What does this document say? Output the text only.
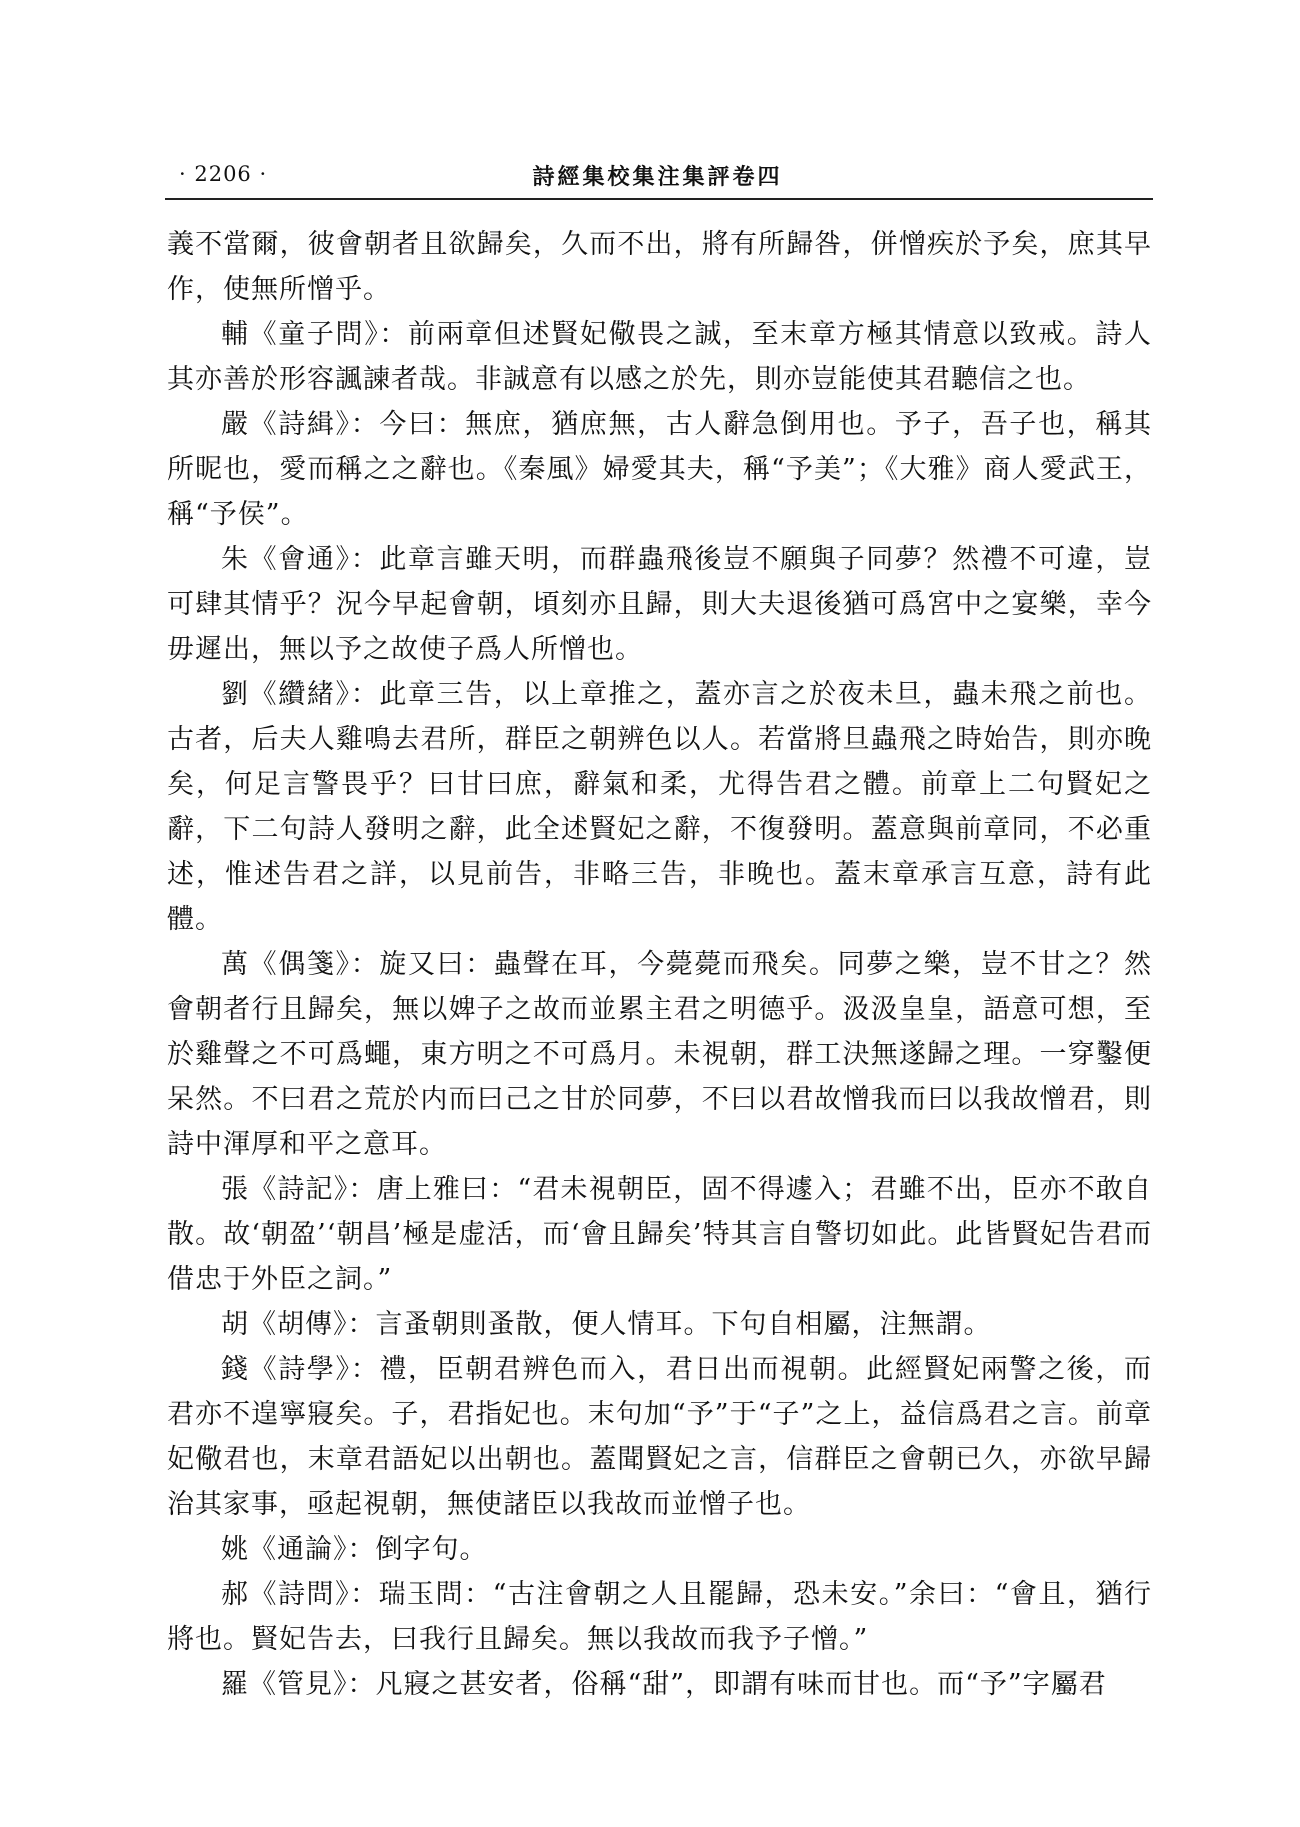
· 2206 ·	詩經集校集注集評卷四

義不當爾，彼會朝者且欲歸矣，久而不出，將有所歸咎，併憎疾於予矣，庶其早作，使無所憎乎。

輔《童子問》：前兩章但述賢妃儆畏之誠，至末章方極其情意以致戒。詩人其亦善於形容諷諫者哉。非誠意有以感之於先，則亦豈能使其君聽信之也。

嚴《詩緝》：今曰：無庶，猶庶無，古人辭急倒用也。予子，吾子也，稱其所昵也，愛而稱之之辭也。《秦風》婦愛其夫，稱“予美”；《大雅》商人愛武王，稱“予侯”。

朱《會通》：此章言雖天明，而群蟲飛後豈不願與子同夢？然禮不可違，豈可肆其情乎？況今早起會朝，頃刻亦且歸，則大夫退後猶可爲宮中之宴樂，幸今毋遲出，無以予之故使子爲人所憎也。

劉《纘緒》：此章三告，以上章推之，蓋亦言之於夜未旦，蟲未飛之前也。古者，后夫人雞鳴去君所，群臣之朝辨色以人。若當將旦蟲飛之時始告，則亦晚矣，何足言警畏乎？曰甘曰庶，辭氣和柔，尤得告君之體。前章上二句賢妃之辭，下二句詩人發明之辭，此全述賢妃之辭，不復發明。蓋意與前章同，不必重述，惟述告君之詳，以見前告，非略三告，非晚也。蓋末章承言互意，詩有此體。

萬《偶箋》：旋又曰：蟲聲在耳，今薨薨而飛矣。同夢之樂，豈不甘之？然會朝者行且歸矣，無以婢子之故而並累主君之明德乎。汲汲皇皇，語意可想，至於雞聲之不可爲蠅，東方明之不可爲月。未視朝，群工決無遂歸之理。一穿鑿便呆然。不曰君之荒於内而曰己之甘於同夢，不曰以君故憎我而曰以我故憎君，則詩中渾厚和平之意耳。

張《詩記》：唐上雅曰：“君未視朝臣，固不得遽入；君雖不出，臣亦不敢自散。故‘朝盈’‘朝昌’極是虚活，而‘會且歸矣’特其言自警切如此。此皆賢妃告君而借忠于外臣之詞。”

胡《胡傳》：言蚤朝則蚤散，便人情耳。下句自相屬，注無謂。

錢《詩學》：禮，臣朝君辨色而入，君日出而視朝。此經賢妃兩警之後，而君亦不遑寧寢矣。子，君指妃也。末句加“予”于“子”之上，益信爲君之言。前章妃儆君也，末章君語妃以出朝也。蓋聞賢妃之言，信群臣之會朝已久，亦欲早歸治其家事，亟起視朝，無使諸臣以我故而並憎子也。

姚《通論》：倒字句。

郝《詩問》：瑞玉問：“古注會朝之人且罷歸，恐未安。”余曰：“會且，猶行將也。賢妃告去，曰我行且歸矣。無以我故而我予子憎。”

羅《管見》：凡寢之甚安者，俗稱“甜”，即謂有味而甘也。而“予”字屬君
